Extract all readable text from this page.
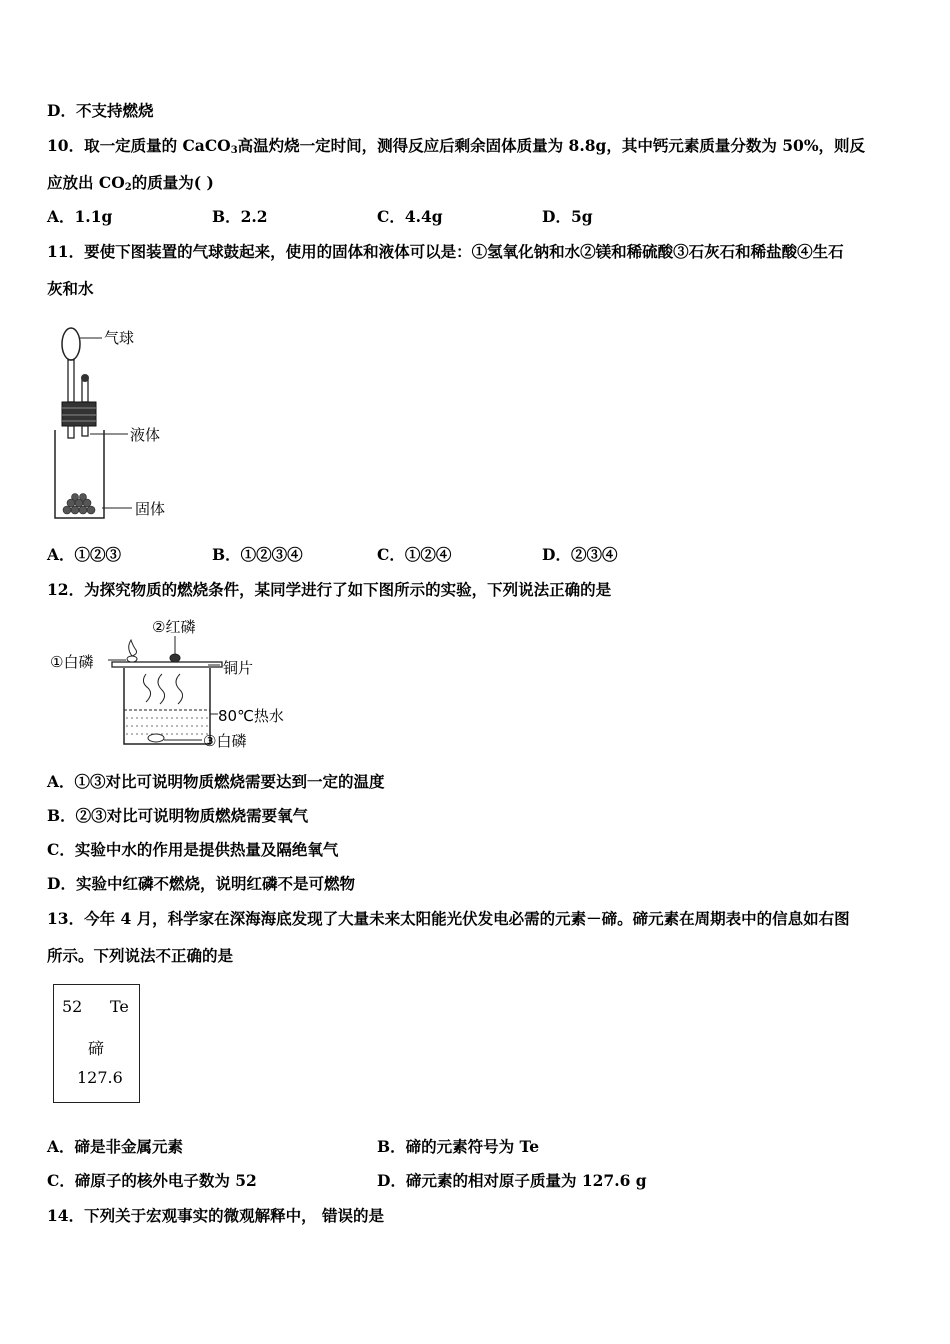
D．不支持燃烧
10．取一定质量的 CaCO$_3$高温灼烧一定时间，测得反应后剩余固体质量为 8.8g，其中钙元素质量分数为 50%，则反
应放出 $CO_2$的质量为( )
A．1.1g	B．2.2	C．4.4g	D．5g
11．要使下图装置的气球鼓起来，使用的固体和液体可以是：①氢氧化钠和水②镁和稀硫酸③石灰石和稀盐酸④生石
灰和水
气球
液体
固体
A．①②③	B．①②③④	C．①②④	D．②③④
12．为探究物质的燃烧条件，某同学进行了如下图所示的实验，下列说法正确的是
②红磷
①白磷	铜片
80℃热水
③白磷
A．①③对比可说明物质燃烧需要达到一定的温度
B．②③对比可说明物质燃烧需要氧气
C．实验中水的作用是提供热量及隔绝氧气
D．实验中红磷不燃烧，说明红磷不是可燃物
13．今年 4 月，科学家在深海海底发现了大量未来太阳能光伏发电必需的元素－碲。碲元素在周期表中的信息如右图
所示。下列说法不正确的是
52 Te
碲
127.6
A．碲是非金属元素	B．碲的元素符号为 Te
C．碲原子的核外电子数为 52	D．碲元素的相对原子质量为 127.6 g
14．下列关于宏观事实的微观解释中， 错误的是
